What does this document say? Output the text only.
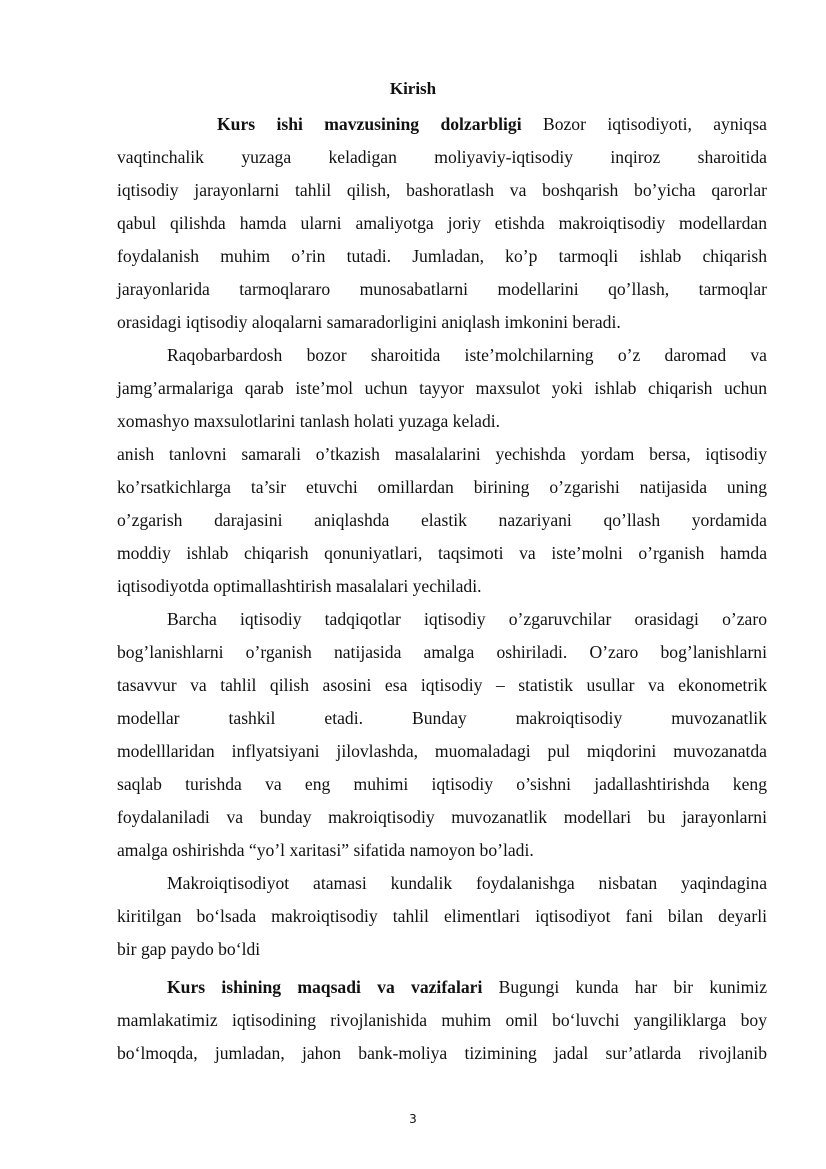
Kirish
Kurs ishi mavzusining dolzarbligi Bozor iqtisodiyoti, ayniqsa
vaqtinchalik yuzaga keladigan moliyaviy-iqtisodiy inqiroz sharoitida
iqtisodiy jarayonlarni tahlil qilish, bashoratlash va boshqarish bo’yicha qarorlar
qabul qilishda hamda ularni amaliyotga joriy etishda makroiqtisodiy modellardan
foydalanish muhim o’rin tutadi. Jumladan, ko’p tarmoqli ishlab chiqarish
jarayonlarida tarmoqlararo munosabatlarni modellarini qo’llash, tarmoqlar
orasidagi iqtisodiy aloqalarni samaradorligini aniqlash imkonini beradi.
Raqobarbardosh bozor sharoitida iste’molchilarning o’z daromad va
jamg’armalariga qarab iste’mol uchun tayyor maxsulot yoki ishlab chiqarish uchun
xomashyo maxsulotlarini tanlash holati yuzaga keladi.
anish tanlovni samarali o’tkazish masalalarini yechishda yordam bersa, iqtisodiy
ko’rsatkichlarga ta’sir etuvchi omillardan birining o’zgarishi natijasida uning
o’zgarish darajasini aniqlashda elastik nazariyani qo’llash yordamida
moddiy ishlab chiqarish qonuniyatlari, taqsimoti va iste’molni o’rganish hamda
iqtisodiyotda optimallashtirish masalalari yechiladi.
Barcha iqtisodiy tadqiqotlar iqtisodiy o’zgaruvchilar orasidagi o’zaro
bog’lanishlarni o’rganish natijasida amalga oshiriladi. O’zaro bog’lanishlarni
tasavvur va tahlil qilish asosini esa iqtisodiy – statistik usullar va ekonometrik
modellar tashkil etadi. Bunday makroiqtisodiy muvozanatlik
modelllaridan inflyatsiyani jilovlashda, muomaladagi pul miqdorini muvozanatda
saqlab turishda va eng muhimi iqtisodiy o’sishni jadallashtirishda keng
foydalaniladi va bunday makroiqtisodiy muvozanatlik modellari bu jarayonlarni
amalga oshirishda “yo’l xaritasi” sifatida namoyon bo’ladi.
Makroiqtisodiyot atamasi kundalik foydalanishga nisbatan yaqindagina
kiritilgan bo‘lsada makroiqtisodiy tahlil elimentlari iqtisodiyot fani bilan deyarli
bir gap paydo bo‘ldi
Kurs ishining maqsadi va vazifalari Bugungi kunda har bir kunimiz
mamlakatimiz iqtisodining rivojlanishida muhim omil bo‘luvchi yangiliklarga boy
bo‘lmoqda, jumladan, jahon bank-moliya tizimining jadal sur’atlarda rivojlanib
3
